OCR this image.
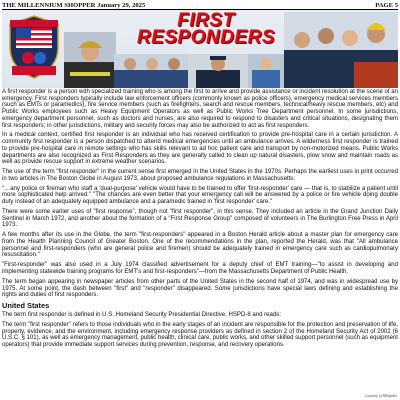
THE MILLENNIUM SHOPPER January 29, 2025	PAGE 5
FIRST RESPONDERS
PUTTING OTHERS FIRST
THANK YOU!
FIRST
RESPONDERS

A first responder is a person with specialized training who is among the first to arrive and provide assistance or incident resolution at the scene of an emergency. First responders typically include law enforcement officers (commonly known as police officers), emergency medical services members (such as EMTs or paramedics), fire service members (such as firefighters, search and rescue members, technical/heavy rescue members, etc) and Public Works employees such as Heavy Equipment Operators as well as Public Works Tree Department personnel. In some jurisdictions, emergency department personnel, such as doctors and nurses, are also required to respond to disasters and critical situations, designating them first responders; in other jurisdictions, military and security forces may also be authorized to act as first responders.

In a medical context, certified first responder is an individual who has received certification to provide pre-hospital care in a certain jurisdiction. A community first responder is a person dispatched to attend medical emergencies until an ambulance arrives. A wilderness first responder is trained to provide pre-hospital care in remote settings who has skills relevant to ad hoc patient care and transport by non-motorized means. Public Works departments are also recognized as First Responders as they are generally called to clean up natural disasters, plow snow and maintain roads as well as provide rescue support in extreme weather scenarios.

The use of the term "first responder" in the current sense first emerged in the United States in the 1970s. Perhaps the earliest uses in print occurred in two articles in The Boston Globe in August 1973, about proposed ambulance regulations in Massachusetts:

"…any police or fireman who staff a 'dual-purpose' vehicle would have to be trained to offer 'first-responder' care — that is, to stabilize a patient until more sophisticated help arrived." "The chances are even better that your emergency call will be answered by a police or fire vehicle doing double duty instead of an adequately equipped ambulance and a paramedic trained in 'first responder' care."

There were some earlier uses of "first response", though not "first responder", in this sense. They included an article in the Grand Junction Daily Sentinel in March 1972, and another about the formation of a "First Response Group" composed of volunteers in The Burlington Free Press in April 1973.

A few months after its use in the Globe, the term "first-responders" appeared in a Boston Herald article about a master plan for emergency care from the Health Planning Council of Greater Boston. One of the recommendations in the plan, reported the Herald, was that "All ambulance personnel and first-responders (who are general police and firemen) should be adequately trained in emergency care such as cardiopulmonary resuscitation."

"First-responder" was also used in a July 1974 classified advertisement for a deputy chief of EMT training—"to assist in developing and implementing statewide training programs for EMT's and first-responders"—from the Massachusetts Department of Public Health.

The term began appearing in newspaper articles from other parts of the United States in the second half of 1974, and was in widespread use by 1975. At some point, the dash between "first" and "responder" disappeared. Some jurisdictions have special laws defining and establishing the rights and duties of first responders.

United States

The term first responder is defined in U.S. Homeland Security Presidential Directive, HSPD-8 and reads:

The term "first responder" refers to those individuals who in the early stages of an incident are responsible for the protection and preservation of life, property, evidence, and the environment, including emergency response providers as defined in section 2 of the Homeland Security Act of 2002 (6 U.S.C. § 101), as well as emergency management, public health, clinical care, public works, and other skilled support personnel (such as equipment operators) that provide immediate support services during prevention, response, and recovery operations.

Courtesy of Wikipedia
